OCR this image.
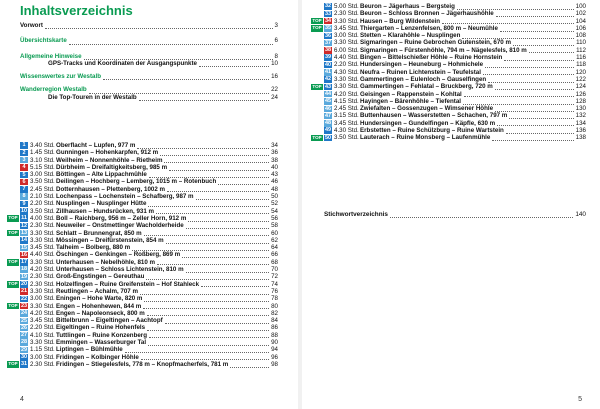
Inhaltsverzeichnis
Vorwort	3
Übersichtskarte	6
Allgemeine Hinweise	8
GPS-Tracks und Koordinaten der Ausgangspunkte	10
Wissenswertes zur Westalb	16
Wanderregion Westalb	22
Die Top-Touren in der Westalb	24
1 3.40 Std. Oberflacht – Lupfen, 977 m	34
2 1.45 Std. Gunningen – Hohenkarpfen, 912 m	36
3 3.10 Std. Weilheim – Nonnenhöhle – Rietheim	38
4 5.15 Std. Dürbheim – Dreifaltigkeitsberg, 985 m	40
5 3.00 Std. Böttingen – Alte Lippachmühle	43
6 3.50 Std. Deilingen – Hochberg – Lemberg, 1015 m – Rotenbuch	46
7 2.45 Std. Dotternhausen – Plettenberg, 1002 m	48
8 2.10 Std. Lochenpass – Lochenstein – Schafberg, 987 m	50
9 2.20 Std. Nusplingen – Nusplinger Hütte	52
10 3.50 Std. Zillhausen – Hundsrücken, 931 m	54
TOP 11 4.00 Std. Boll – Raichberg, 956 m – Zeller Horn, 912 m	56
12 2.30 Std. Neuweiler – Onstmettinger Wacholderheide	58
TOP 13 3.30 Std. Schlatt – Brunnengrat, 850 m	60
14 3.30 Std. Mössingen – Dreifürstenstein, 854 m	62
15 3.45 Std. Talheim – Bolberg, 880 m	64
16 4.40 Std. Öschingen – Genkingen – Roßberg, 869 m	66
TOP 17 3.30 Std. Unterhausen – Nebelhöhle, 810 m	68
18 4.20 Std. Unterhausen – Schloss Lichtenstein, 810 m	70
19 2.30 Std. Groß-Engstingen – Gereuthau	72
TOP 20 2.30 Std. Holzelfingen – Ruine Greifenstein – Hof Stahleck	74
21 3.30 Std. Reutlingen – Achalm, 707 m	76
22 3.00 Std. Eningen – Hohe Warte, 820 m	78
TOP 23 3.30 Std. Engen – Hohenhewen, 844 m	80
24 4.20 Std. Engen – Napoleonseck, 800 m	82
25 3.45 Std. Bittelbrunn – Eigeltingen – Aachtopf	84
26 2.20 Std. Eigeltingen – Ruine Hohenfels	86
27 4.10 Std. Tuttlingen – Ruine Konzenberg	88
28 3.30 Std. Emmingen – Wasserburger Tal	90
29 1.15 Std. Liptingen – Bühlmühle	94
30 3.00 Std. Fridingen – Kolbinger Höhle	96
TOP 31 2.30 Std. Fridingen – Stiegelesfels, 778 m – Knopfmacherfels, 781 m	98
4
32 5.00 Std. Beuron – Jägerhaus – Bergsteig	100
33 2.30 Std. Beuron – Schloss Bronnen – Jägerhaushöhle	102
TOP 34 3.30 Std. Hausen – Burg Wildenstein	104
TOP 35 3.45 Std. Thiergarten – Lenzenfelsen, 800 m – Neumühle	106
36 3.00 Std. Stetten – Klarahöhle – Nusplingen	108
37 3.30 Std. Sigmaringen – Ruine Gebrochen Gutenstein, 670 m	110
38 6.00 Std. Sigmaringen – Fürstenhöhle, 794 m – Nägelesfels, 810 m	112
39 4.40 Std. Bingen – Bittelschießer Höhle – Ruine Hornstein	116
40 2.20 Std. Hundersingen – Heuneburg – Hohmichele	118
41 4.30 Std. Neufra – Ruinen Lichtenstein – Teufelstal	120
42 3.30 Std. Gammertingen – Eulenloch – Gauselfingen	122
TOP 43 3.30 Std. Gammertingen – Fehlatal – Bruckberg, 720 m	124
44 4.20 Std. Geisingen – Rappenstein – Kohltal	126
45 4.15 Std. Hayingen – Bärenhöhle – Tiefental	128
46 2.45 Std. Zwiefalten – Gossenzugen – Wimsener Höhle	130
47 3.15 Std. Buttenhausen – Wasserstetten – Schachen, 797 m	132
48 3.45 Std. Hundersingen – Gundelfingen – Käpfle, 630 m	134
49 4.30 Std. Erbstetten – Ruine Schülzburg – Ruine Wartstein	136
TOP 50 3.50 Std. Lauterach – Ruine Monsberg – Laufenmühle	138
Stichwortverzeichnis	140
5
